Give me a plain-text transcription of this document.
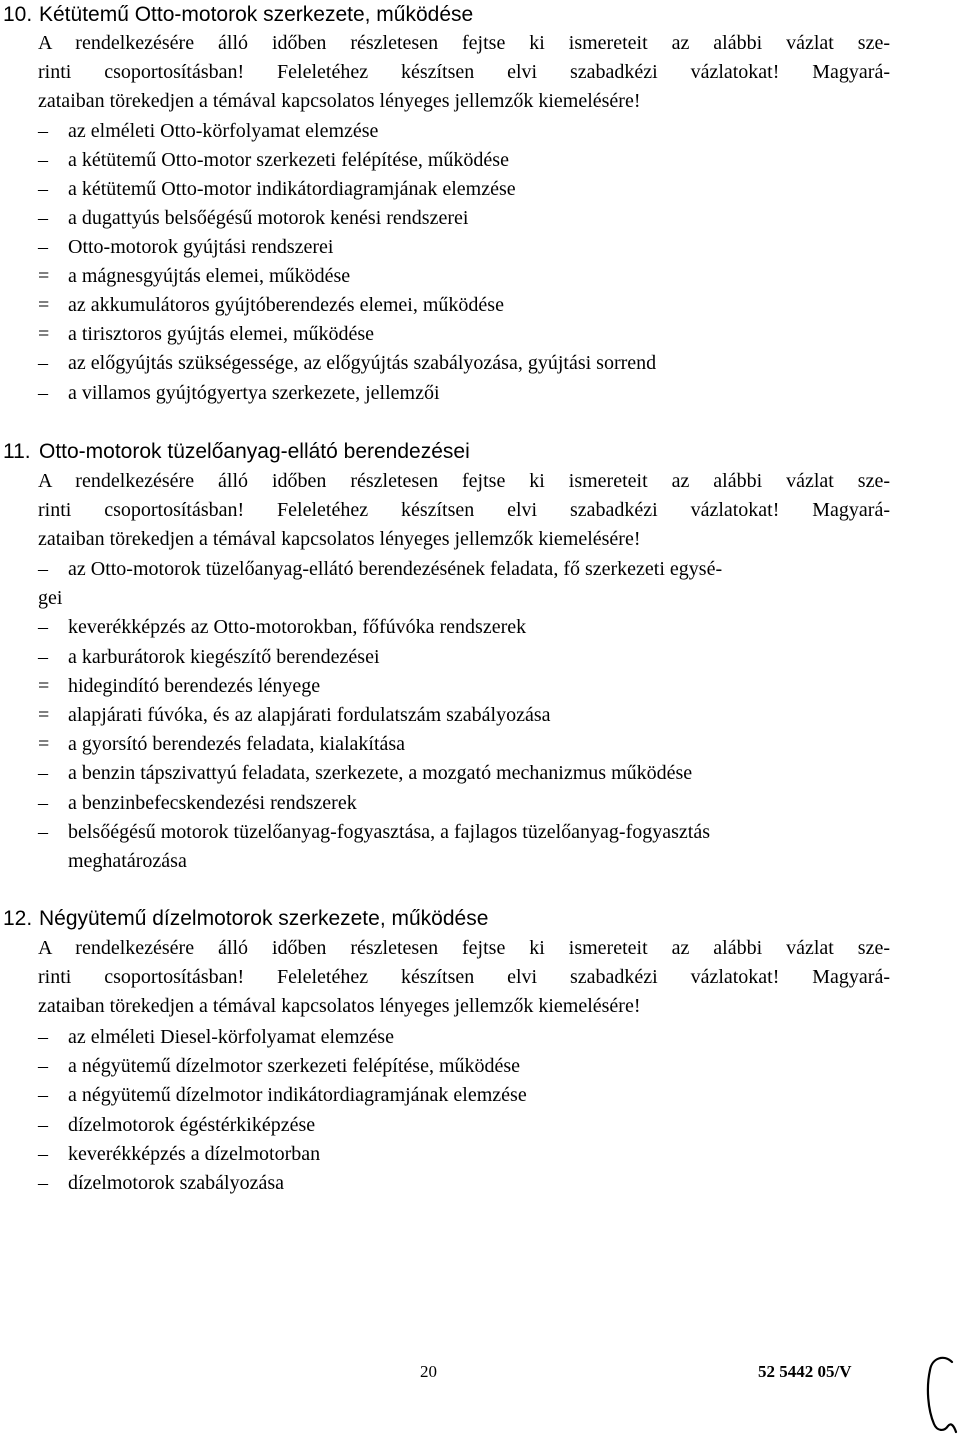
10. Kétütemű Otto-motorok szerkezete, működése
A rendelkezésére álló időben részletesen fejtse ki ismereteit az alábbi vázlat sze-
rinti csoportosításban! Feleletéhez készítsen elvi szabadkézi vázlatokat! Magyará-
zataiban törekedjen a témával kapcsolatos lényeges jellemzők kiemelésére!
–	az elméleti Otto-körfolyamat elemzése
–	a kétütemű Otto-motor szerkezeti felépítése, működése
–	a kétütemű Otto-motor indikátordiagramjának elemzése
–	a dugattyús belsőégésű motorok kenési rendszerei
–	Otto-motorok gyújtási rendszerei
= a mágnesgyújtás elemei, működése
= az akkumulátoros gyújtóberendezés elemei, működése
= a tirisztoros gyújtás elemei, működése
–	az előgyújtás szükségessége, az előgyújtás szabályozása, gyújtási sorrend
–	a villamos gyújtógyertya szerkezete, jellemzői
11. Otto-motorok tüzelőanyag-ellátó berendezései
A rendelkezésére álló időben részletesen fejtse ki ismereteit az alábbi vázlat sze-
rinti csoportosításban! Feleletéhez készítsen elvi szabadkézi vázlatokat! Magyará-
zataiban törekedjen a témával kapcsolatos lényeges jellemzők kiemelésére!
–	az Otto-motorok tüzelőanyag-ellátó berendezésének feladata, fő szerkezeti egysé-
gei
–	keverékképzés az Otto-motorokban, főfúvóka rendszerek
–	a karburátorok kiegészítő berendezései
= hidegindító berendezés lényege
= alapjárati fúvóka, és az alapjárati fordulatszám szabályozása
= a gyorsító berendezés feladata, kialakítása
–	a benzin tápszivattyú feladata, szerkezete, a mozgató mechanizmus működése
–	a benzinbefecskendezési rendszerek
–	belsőégésű motorok tüzelőanyag-fogyasztása, a fajlagos tüzelőanyag-fogyasztás
meghatározása
12. Négyütemű dízelmotorok szerkezete, működése
A rendelkezésére álló időben részletesen fejtse ki ismereteit az alábbi vázlat sze-
rinti csoportosításban! Feleletéhez készítsen elvi szabadkézi vázlatokat! Magyará-
zataiban törekedjen a témával kapcsolatos lényeges jellemzők kiemelésére!
–	az elméleti Diesel-körfolyamat elemzése
–	a négyütemű dízelmotor szerkezeti felépítése, működése
–	a négyütemű dízelmotor indikátordiagramjának elemzése
–	dízelmotorok égéstérkiképzése
–	keverékképzés a dízelmotorban
–	dízelmotorok szabályozása
20	52 5442 05/V
